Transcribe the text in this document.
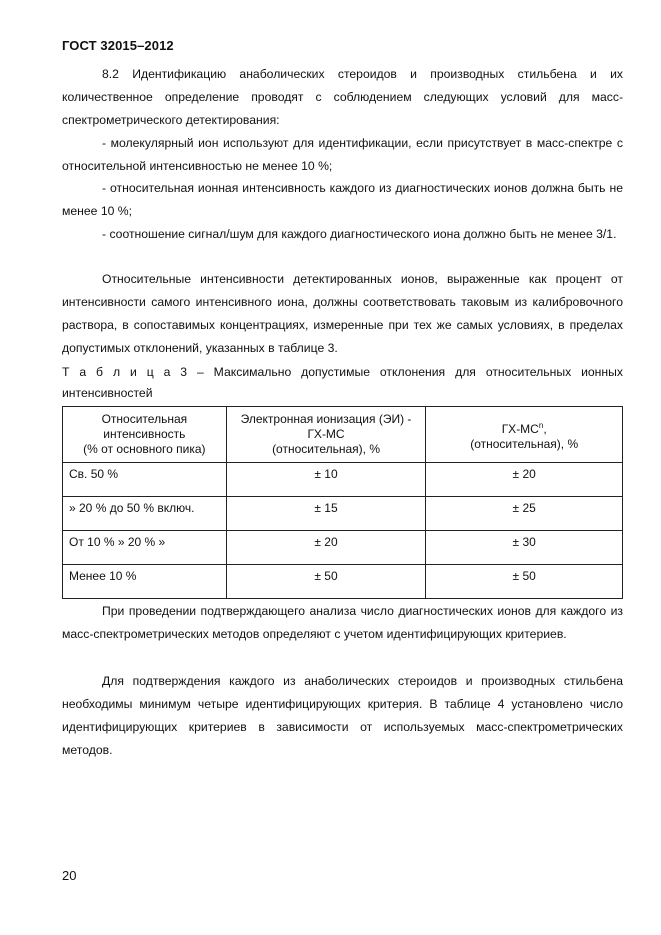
ГОСТ 32015–2012

8.2 Идентификацию анаболических стероидов и производных стильбена и их количественное определение проводят с соблюдением следующих условий для масс-спектрометрического детектирования:

- молекулярный ион используют для идентификации, если присутствует в масс-спектре с относительной интенсивностью не менее 10 %;

- относительная ионная интенсивность каждого из диагностических ионов должна быть не менее 10 %;

- соотношение сигнал/шум для каждого диагностического иона должно быть не менее 3/1.

Относительные интенсивности детектированных ионов, выраженные как процент от интенсивности самого интенсивного иона, должны соответствовать таковым из калибровочного раствора, в сопоставимых концентрациях, измеренные при тех же самых условиях, в пределах допустимых отклонений, указанных в таблице 3.

Т а б л и ц а 3 – Максимально допустимые отклонения для относительных ионных интенсивностей

Относительная
интенсивность
(% от основного пика)	Электронная ионизация (ЭИ) -
ГХ-МС
(относительная), %	$ГХ-МС^n$,
(относительная), %
Св. 50 %	± 10	± 20
» 20 % до 50 % включ.	± 15	± 25
От 10 % » 20 % »	± 20	± 30
Менее 10 %	± 50	± 50

При проведении подтверждающего анализа число диагностических ионов для каждого из масс-спектрометрических методов определяют с учетом идентифицирующих критериев.

Для подтверждения каждого из анаболических стероидов и производных стильбена необходимы минимум четыре идентифицирующих критерия. В таблице 4 установлено число идентифицирующих критериев в зависимости от используемых масс-спектрометрических методов.

20
